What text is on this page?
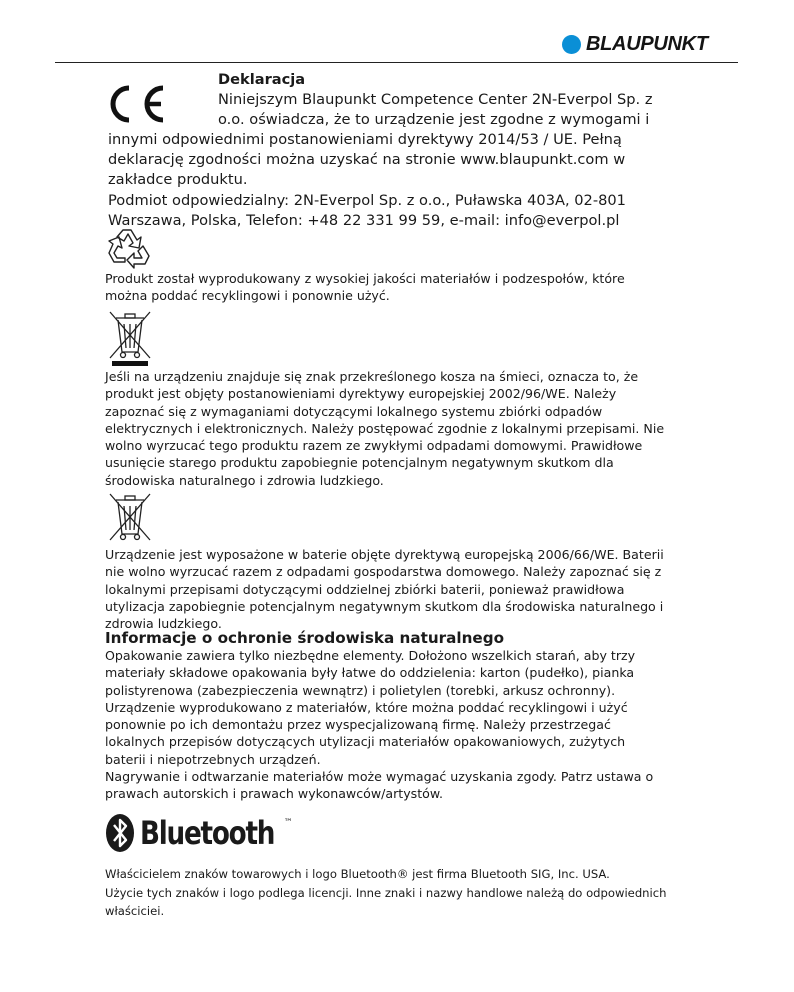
BLAUPUNKT
Deklaracja
Niniejszym Blaupunkt Competence Center 2N-Everpol Sp. z
o.o. oświadcza, że to urządzenie jest zgodne z wymogami i
innymi odpowiednimi postanowieniami dyrektywy 2014/53 / UE. Pełną
deklarację zgodności można uzyskać na stronie www.blaupunkt.com w
zakładce produktu.
Podmiot odpowiedzialny: 2N-Everpol Sp. z o.o., Puławska 403A, 02-801
Warszawa, Polska, Telefon: +48 22 331 99 59, e-mail: info@everpol.pl
Produkt został wyprodukowany z wysokiej jakości materiałów i podzespołów, które
można poddać recyklingowi i ponownie użyć.
Jeśli na urządzeniu znajduje się znak przekreślonego kosza na śmieci, oznacza to, że
produkt jest objęty postanowieniami dyrektywy europejskiej 2002/96/WE. Należy
zapoznać się z wymaganiami dotyczącymi lokalnego systemu zbiórki odpadów
elektrycznych i elektronicznych. Należy postępować zgodnie z lokalnymi przepisami. Nie
wolno wyrzucać tego produktu razem ze zwykłymi odpadami domowymi. Prawidłowe
usunięcie starego produktu zapobiegnie potencjalnym negatywnym skutkom dla
środowiska naturalnego i zdrowia ludzkiego.
Urządzenie jest wyposażone w baterie objęte dyrektywą europejską 2006/66/WE. Baterii
nie wolno wyrzucać razem z odpadami gospodarstwa domowego. Należy zapoznać się z
lokalnymi przepisami dotyczącymi oddzielnej zbiórki baterii, ponieważ prawidłowa
utylizacja zapobiegnie potencjalnym negatywnym skutkom dla środowiska naturalnego i
zdrowia ludzkiego.
Informacje o ochronie środowiska naturalnego
Opakowanie zawiera tylko niezbędne elementy. Dołożono wszelkich starań, aby trzy
materiały składowe opakowania były łatwe do oddzielenia: karton (pudełko), pianka
polistyrenowa (zabezpieczenia wewnątrz) i polietylen (torebki, arkusz ochronny).
Urządzenie wyprodukowano z materiałów, które można poddać recyklingowi i użyć
ponownie po ich demontażu przez wyspecjalizowaną firmę. Należy przestrzegać
lokalnych przepisów dotyczących utylizacji materiałów opakowaniowych, zużytych
baterii i niepotrzebnych urządzeń.
Nagrywanie i odtwarzanie materiałów może wymagać uzyskania zgody. Patrz ustawa o
prawach autorskich i prawach wykonawców/artystów.
Bluetooth ™
Właścicielem znaków towarowych i logo Bluetooth® jest firma Bluetooth SIG, Inc. USA.
Użycie tych znaków i logo podlega licencji. Inne znaki i nazwy handlowe należą do odpowiednich
właściciei.
